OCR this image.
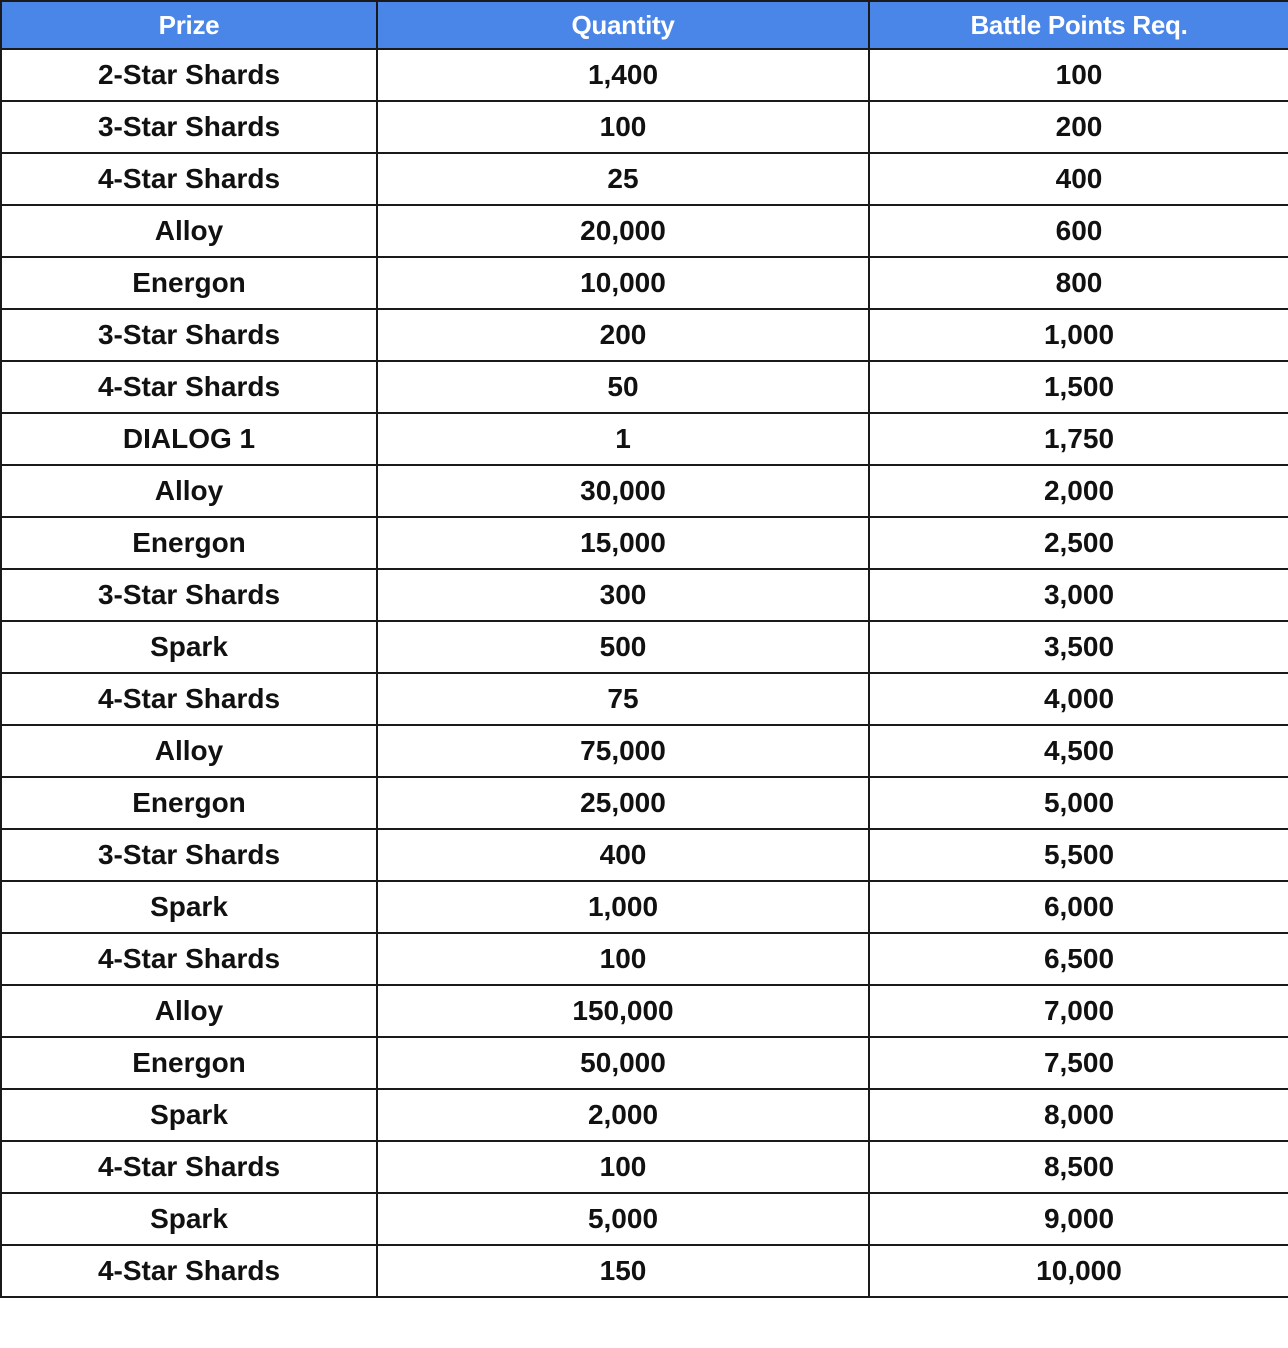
Prize	Quantity	Battle Points Req.
2-Star Shards	1,400	100
3-Star Shards	100	200
4-Star Shards	25	400
Alloy	20,000	600
Energon	10,000	800
3-Star Shards	200	1,000
4-Star Shards	50	1,500
DIALOG 1	1	1,750
Alloy	30,000	2,000
Energon	15,000	2,500
3-Star Shards	300	3,000
Spark	500	3,500
4-Star Shards	75	4,000
Alloy	75,000	4,500
Energon	25,000	5,000
3-Star Shards	400	5,500
Spark	1,000	6,000
4-Star Shards	100	6,500
Alloy	150,000	7,000
Energon	50,000	7,500
Spark	2,000	8,000
4-Star Shards	100	8,500
Spark	5,000	9,000
4-Star Shards	150	10,000
